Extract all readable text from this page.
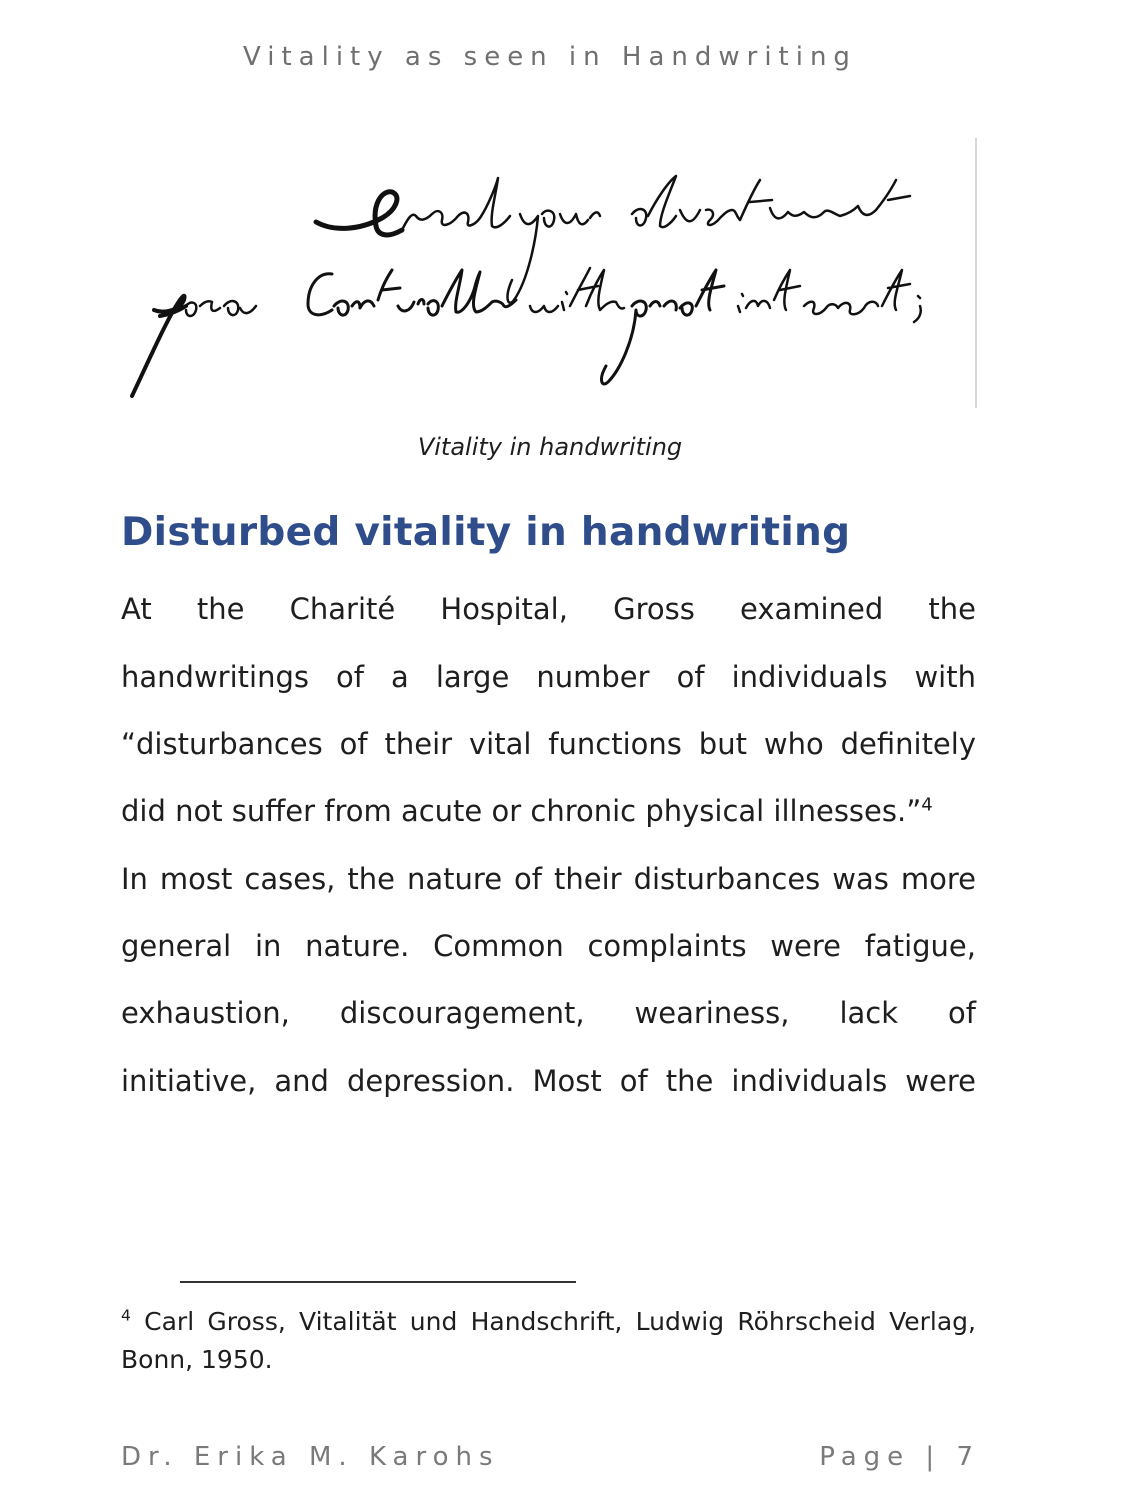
Vitality as seen in Handwriting
Vitality in handwriting
Disturbed vitality in handwriting
At the Charité Hospital, Gross examined the
handwritings of a large number of individuals with
“disturbances of their vital functions but who definitely
did not suffer from acute or chronic physical illnesses.”$^4$
In most cases, the nature of their disturbances was more
general in nature. Common complaints were fatigue,
exhaustion, discouragement, weariness, lack of
initiative, and depression. Most of the individuals were
$^4$ Carl Gross, Vitalität und Handschrift, Ludwig Röhrscheid Verlag,
Bonn, 1950.
Dr. Erika M. Karohs	Page | 7
